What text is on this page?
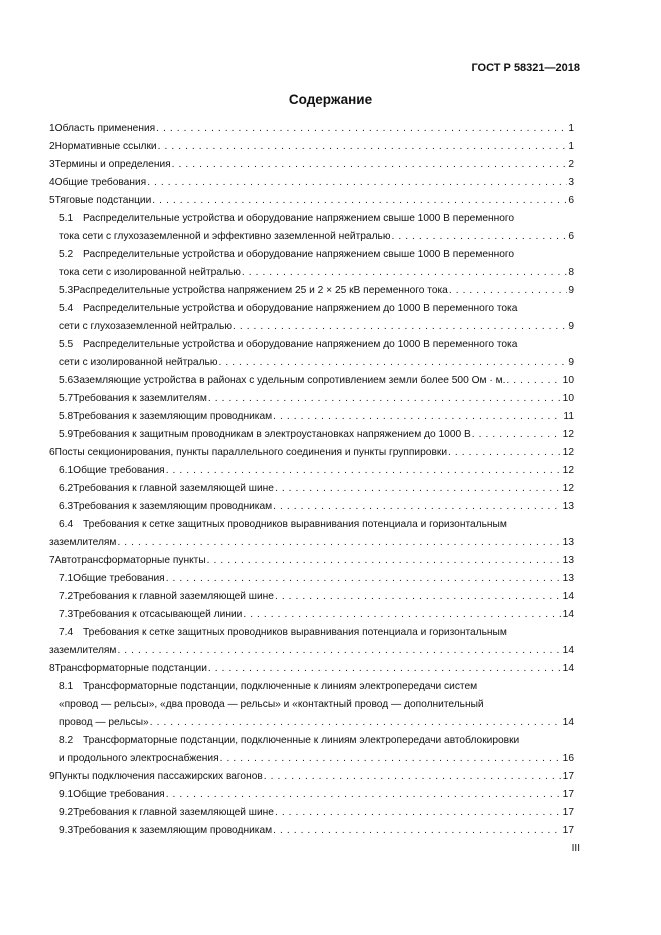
ГОСТ Р 58321—2018
Содержание
1 Область применения . . .	1
2 Нормативные ссылки . . .	1
3 Термины и определения . . .	2
4 Общие требования . . .	3
5 Тяговые подстанции . . .	6
5.1 Распределительные устройства и оборудование напряжением свыше 1000 В переменного
тока сети с глухозаземленной и эффективно заземленной нейтралью . . .	6
5.2 Распределительные устройства и оборудование напряжением свыше 1000 В переменного
тока сети с изолированной нейтралью . . .	8
5.3 Распределительные устройства напряжением 25 и 2 × 25 кВ переменного тока . . .	9
5.4 Распределительные устройства и оборудование напряжением до 1000 В переменного тока
сети с глухозаземленной нейтралью . . .	9
5.5 Распределительные устройства и оборудование напряжением до 1000 В переменного тока
сети с изолированной нейтралью . . .	9
5.6 Заземляющие устройства в районах с удельным сопротивлением земли более 500 Ом · м. . . .	10
5.7 Требования к заземлителям . . .	10
5.8 Требования к заземляющим проводникам . . .	11
5.9 Требования к защитным проводникам в электроустановках напряжением до 1000 В . . .	12
6 Посты секционирования, пункты параллельного соединения и пункты группировки . . .	12
6.1 Общие требования . . .	12
6.2 Требования к главной заземляющей шине . . .	12
6.3 Требования к заземляющим проводникам . . .	13
6.4 Требования к сетке защитных проводников выравнивания потенциала и горизонтальным
заземлителям . . .	13
7 Автотрансформаторные пункты . . .	13
7.1 Общие требования . . .	13
7.2 Требования к главной заземляющей шине . . .	14
7.3 Требования к отсасывающей линии . . .	14
7.4 Требования к сетке защитных проводников выравнивания потенциала и горизонтальным
заземлителям . . .	14
8 Трансформаторные подстанции . . .	14
8.1 Трансформаторные подстанции, подключенные к линиям электропередачи систем
«провод — рельсы», «два провода — рельсы» и «контактный провод — дополнительный
провод — рельсы» . . .	14
8.2 Трансформаторные подстанции, подключенные к линиям электропередачи автоблокировки
и продольного электроснабжения . . .	16
9 Пункты подключения пассажирских вагонов . . .	17
9.1 Общие требования . . .	17
9.2 Требования к главной заземляющей шине . . .	17
9.3 Требования к заземляющим проводникам . . .	17
III
